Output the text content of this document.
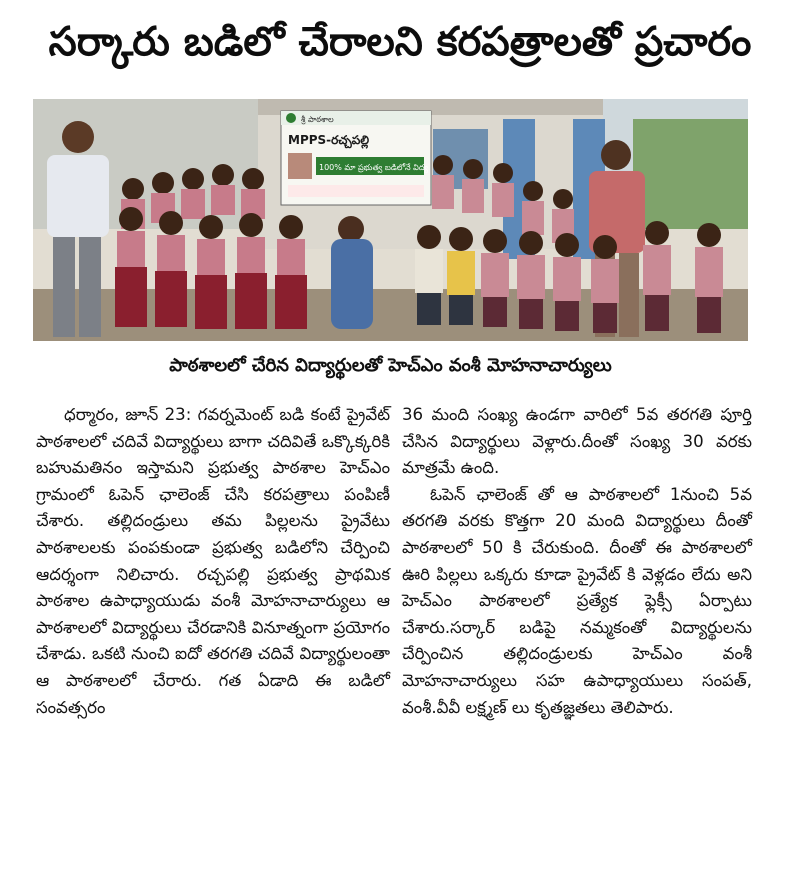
సర్కారు బడిలో చేరాలని కరపత్రాలతో ప్రచారం
శ్రీ పాఠశాల
MPPS-రచ్చపల్లి
100% మా ప్రభుత్వ బడిలోనే విద్య
పాఠశాలలో చేరిన విద్యార్థులతో హెచ్‌ఎం వంశీ మోహనాచార్యులు

ధర్మారం, జూన్ 23: గవర్నమెంట్ బడి కంటే ప్రైవేట్ పాఠశాలలో చదివే విద్యార్థులు బాగా చదివితే ఒక్కొక్కరికి బహుమతినం ఇస్తామని ప్రభుత్వ పాఠశాల హెచ్‌ఎం గ్రామంలో ఓపెన్ ఛాలెంజ్ చేసి కరపత్రాలు పంపిణీ చేశారు. తల్లిదండ్రులు తమ పిల్లలను ప్రైవేటు పాఠశాలలకు పంపకుండా ప్రభుత్వ బడిలోని చేర్పించి ఆదర్శంగా నిలిచారు. రచ్చపల్లి ప్రభుత్వ ప్రాథమిక పాఠశాల ఉపాధ్యాయుడు వంశీ మోహనాచార్యులు ఆ పాఠశాలలో విద్యార్థులు చేరడానికి వినూత్నంగా ప్రయోగం చేశాడు. ఒకటి నుంచి ఐదో తరగతి చదివే విద్యార్థులంతా ఆ పాఠశాలలో చేరారు. గత ఏడాది ఈ బడిలో సంవత్సరం

36 మంది సంఖ్య ఉండగా వారిలో 5వ తరగతి పూర్తి చేసిన విద్యార్థులు వెళ్లారు.దీంతో సంఖ్య 30 వరకు మాత్రమే ఉంది.

ఓపెన్ ఛాలెంజ్ తో ఆ పాఠశాలలో 1నుంచి 5వ తరగతి వరకు కొత్తగా 20 మంది విద్యార్థులు దీంతో పాఠశాలలో 50 కి చేరుకుంది. దీంతో ఈ పాఠశాలలో ఊరి పిల్లలు ఒక్కరు కూడా ప్రైవేట్ కి వెళ్లడం లేదు అని హెచ్‌ఎం పాఠశాలలో ప్రత్యేక ఫ్లెక్సీ ఏర్పాటు చేశారు.సర్కార్ బడిపై నమ్మకంతో విద్యార్థులను చేర్పించిన తల్లిదండ్రులకు హెచ్‌ఎం వంశీ మోహనాచార్యులు సహ ఉపాధ్యాయులు సంపత్, వంశీ.వీవీ లక్ష్మణ్ లు కృతజ్ఞతలు తెలిపారు.
